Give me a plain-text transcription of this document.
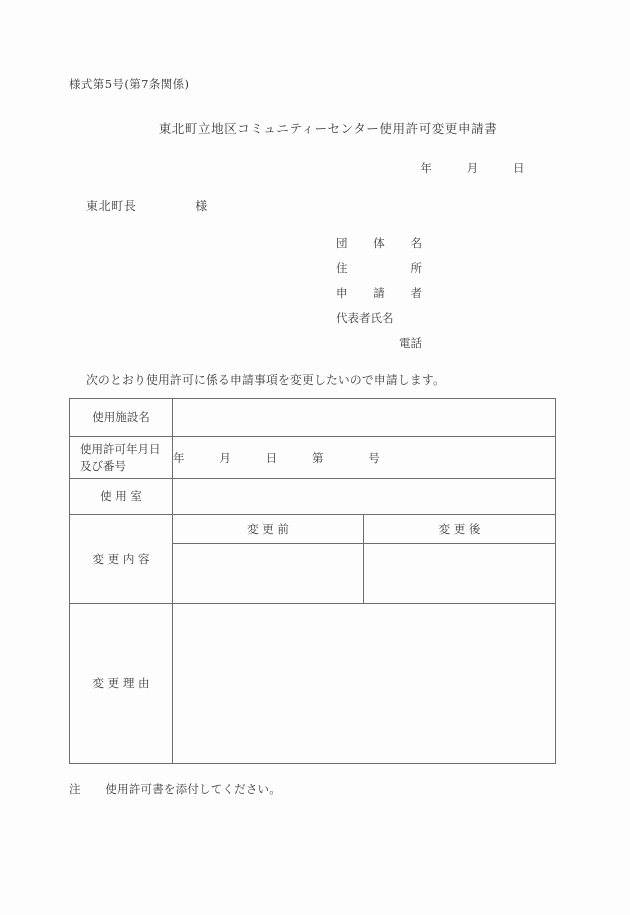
様式第5号(第7条関係)
東北町立地区コミュニティーセンター使用許可変更申請書
年	月	日
東北町長	様
団 体 名
住　　所
申 請 者
代表者氏名
電話
次のとおり使用許可に係る申請事項を変更したいので申請します。
使用施設名		

使用許可年月日
及び番号	年 月 日 第 号	
使 用 室		
変 更 内 容	変 更 前	変 更 後

変 更 理 由		
注 使用許可書を添付してください。
